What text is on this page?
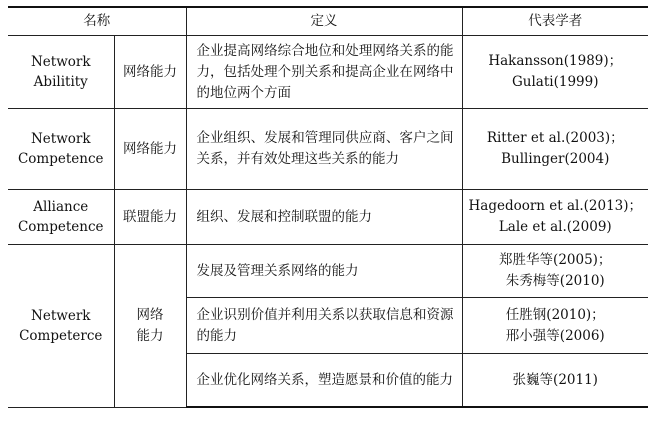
名称		定义	代表学者

Network
Abilitity	网络能力	企业提高网络综合地位和处理网络关系的能力，包括处理个别关系和提高企业在网络中的地位两个方面	Hakansson(1989)；
Gulati(1999)

Network
Competence	网络能力	企业组织、发展和管理同供应商、客户之间关系，并有效处理这些关系的能力	Ritter et al.(2003)；
Bullinger(2004)

Alliance
Competence	联盟能力	组织、发展和控制联盟的能力	Hagedoorn et al.(2013)；
Lale et al.(2009)

Netwerk
Competerce	网络
能力	发展及管理关系网络的能力	郑胜华等(2005)；
朱秀梅等(2010)

		企业识别价值并利用关系以获取信息和资源的能力	任胜钢(2010)；
邢小强等(2006)

		企业优化网络关系，塑造愿景和价值的能力	张巍等(2011)
